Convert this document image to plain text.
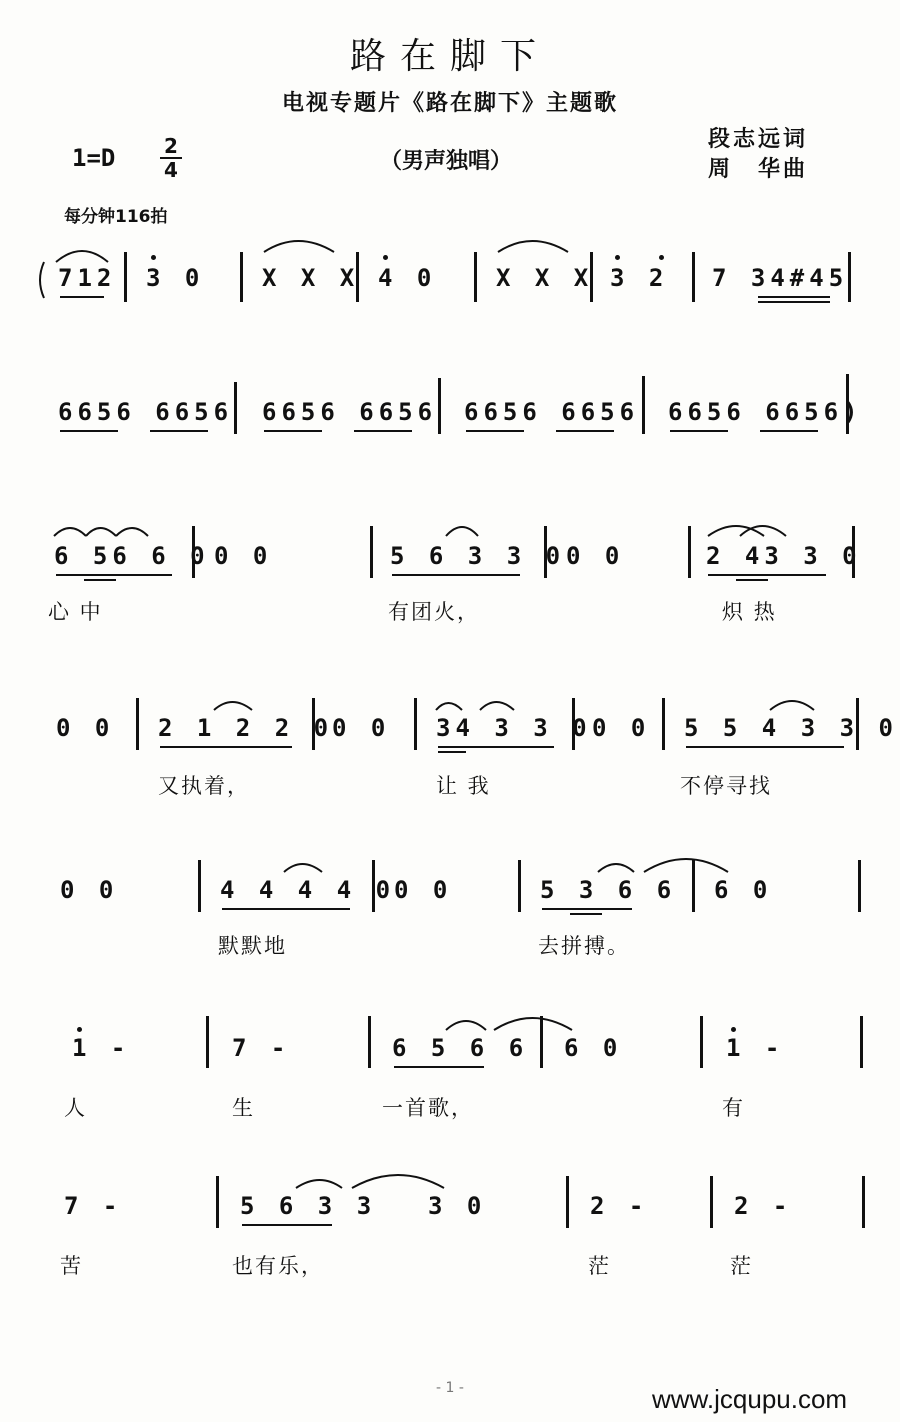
路在脚下
电视专题片《路在脚下》主题歌
段志远词
周　华曲
1=D 2
4	（男声独唱）
每分钟116拍
712 3 0 X X X 4 0 X X X 3 2 7 34#45
6656 6656 6656 6656 6656 6656 6656 6656)
6 56 6 0 0 0	5 6 3 3 0 0 0	2 43 3 0
心 中	有团火，	炽 热
0 0 2 1 2 2 0
0 0 34 3 3 0 0 0 5 5 4 3 3 0
又执着，	让 我	不停寻找
0 0	4 4 4 4 0
0 0	5 3 6 6 6 0
默默地	去拼搏。
1 -	7 -	6 5 6 6 6 0	1 -
人	生	一首歌，	有
7 -	5 6 3 3 3 0	2 -	2 -
苦	也有乐，	茫	茫
- 1 -	www.jcqupu.com
